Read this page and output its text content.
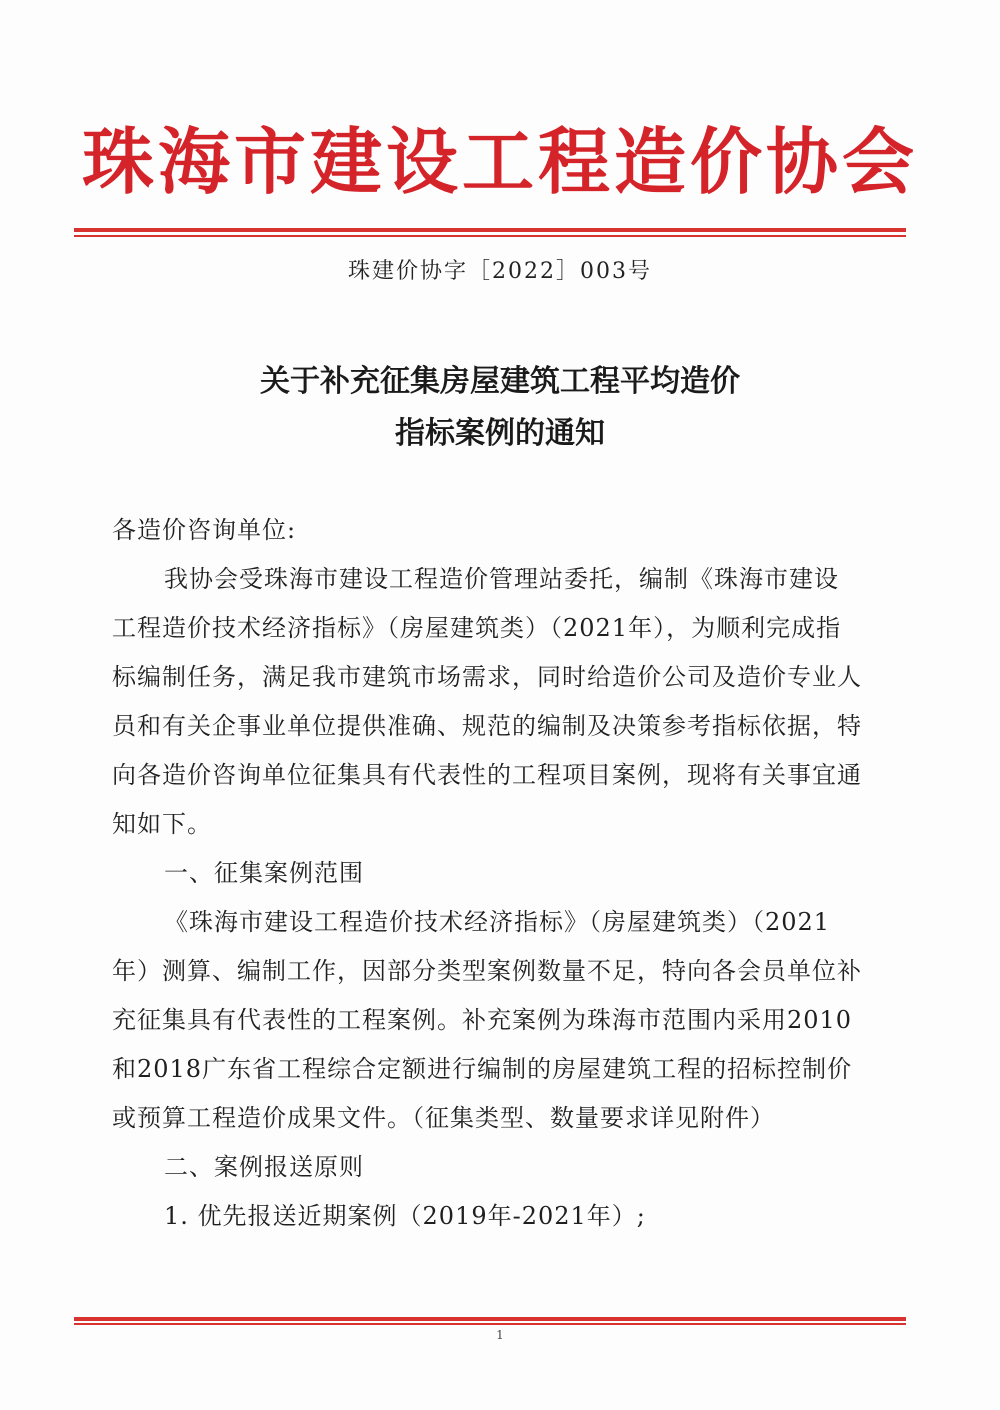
珠海市建设工程造价协会
珠建价协字［2022］003号
关于补充征集房屋建筑工程平均造价
指标案例的通知

各造价咨询单位:

我协会受珠海市建设工程造价管理站委托，编制《珠海市建设工程造价技术经济指标》（房屋建筑类）（2021年），为顺利完成指标编制任务，满足我市建筑市场需求，同时给造价公司及造价专业人员和有关企事业单位提供准确、规范的编制及决策参考指标依据，特向各造价咨询单位征集具有代表性的工程项目案例，现将有关事宜通知如下。

一、征集案例范围

《珠海市建设工程造价技术经济指标》（房屋建筑类）（2021年）测算、编制工作，因部分类型案例数量不足，特向各会员单位补充征集具有代表性的工程案例。补充案例为珠海市范围内采用2010和2018广东省工程综合定额进行编制的房屋建筑工程的招标控制价或预算工程造价成果文件。（征集类型、数量要求详见附件）

二、案例报送原则

1. 优先报送近期案例（2019年-2021年）;

1
